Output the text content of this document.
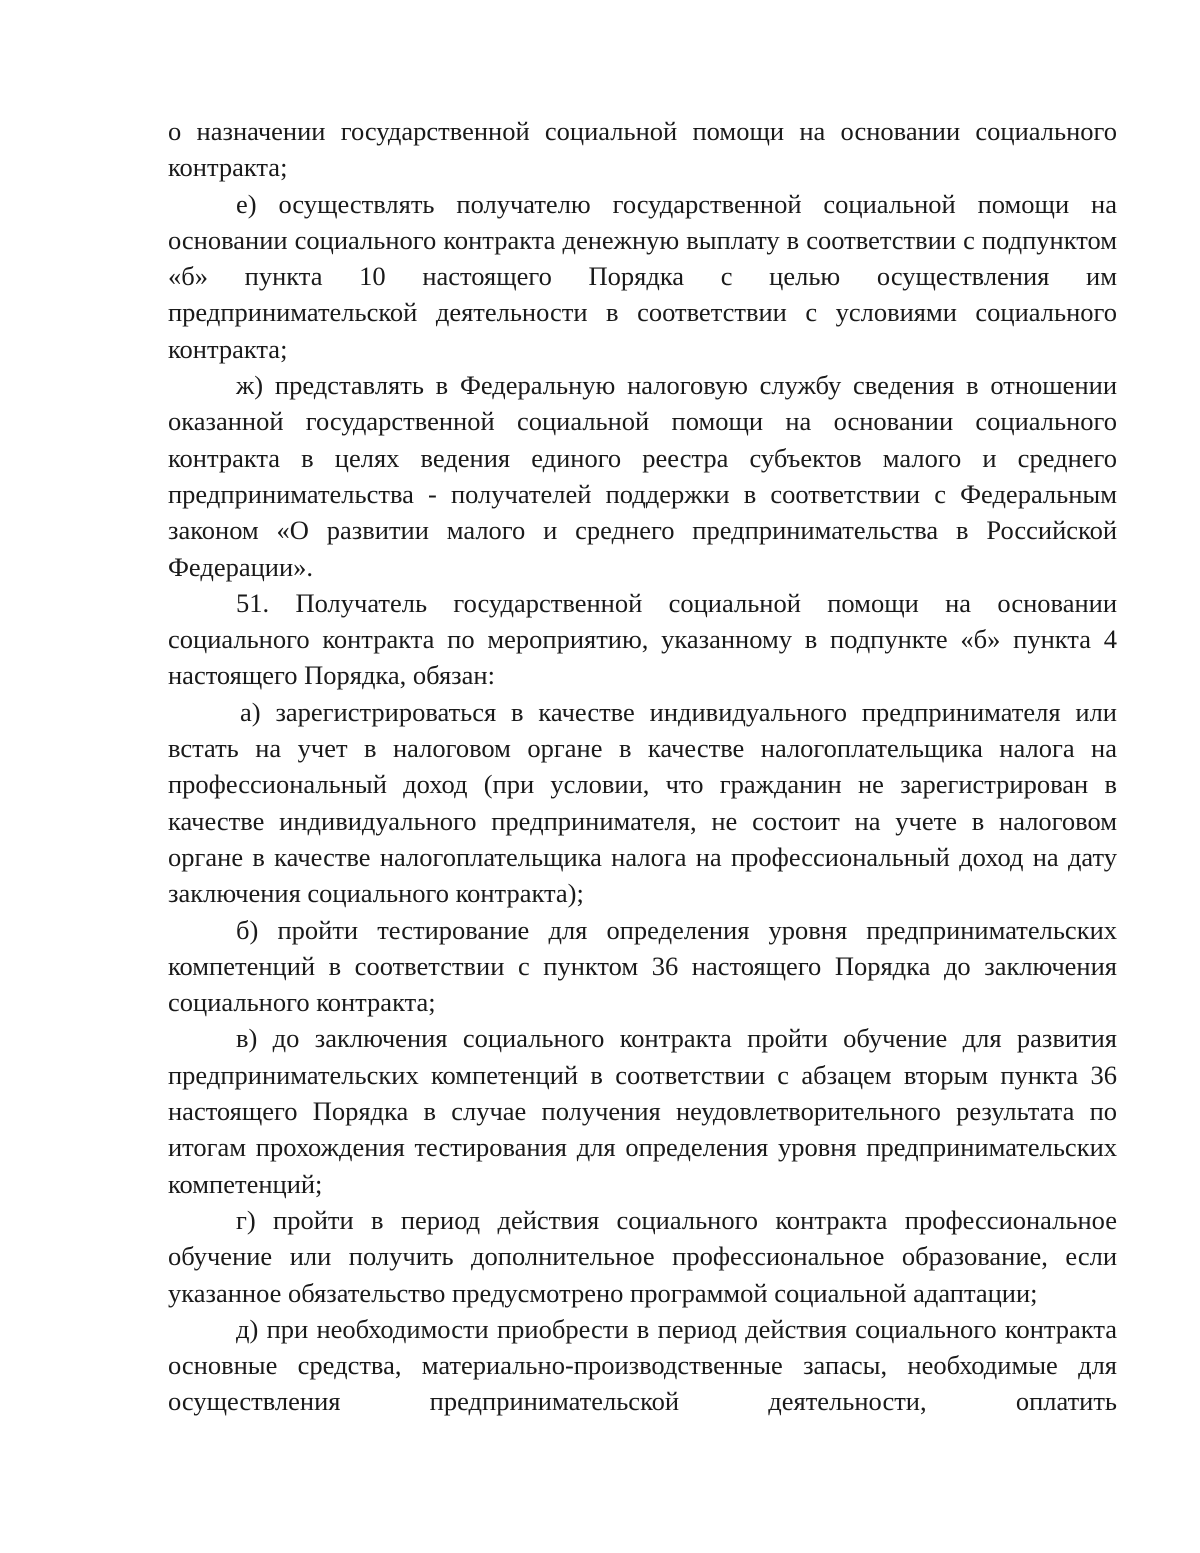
о назначении государственной социальной помощи на основании социального контракта;

е) осуществлять получателю государственной социальной помощи на основании социального контракта денежную выплату в соответствии с подпунктом «б» пункта 10 настоящего Порядка с целью осуществления им предпринимательской деятельности в соответствии с условиями социального контракта;

ж) представлять в Федеральную налоговую службу сведения в отношении оказанной государственной социальной помощи на основании социального контракта в целях ведения единого реестра субъектов малого и среднего предпринимательства - получателей поддержки в соответствии с Федеральным законом «О развитии малого и среднего предпринимательства в Российской Федерации».

51. Получатель государственной социальной помощи на основании социального контракта по мероприятию, указанному в подпункте «б» пункта 4 настоящего Порядка, обязан:

а) зарегистрироваться в качестве индивидуального предпринимателя или встать на учет в налоговом органе в качестве налогоплательщика налога на профессиональный доход (при условии, что гражданин не зарегистрирован в качестве индивидуального предпринимателя, не состоит на учете в налоговом органе в качестве налогоплательщика налога на профессиональный доход на дату заключения социального контракта);

б) пройти тестирование для определения уровня предпринимательских компетенций в соответствии с пунктом 36 настоящего Порядка до заключения социального контракта;

в) до заключения социального контракта пройти обучение для развития предпринимательских компетенций в соответствии с абзацем вторым пункта 36 настоящего Порядка в случае получения неудовлетворительного результата по итогам прохождения тестирования для определения уровня предпринимательских компетенций;

г) пройти в период действия социального контракта профессиональное обучение или получить дополнительное профессиональное образование, если указанное обязательство предусмотрено программой социальной адаптации;

д) при необходимости приобрести в период действия социального контракта основные средства, материально-производственные запасы, необходимые для осуществления предпринимательской деятельности, оплатить
